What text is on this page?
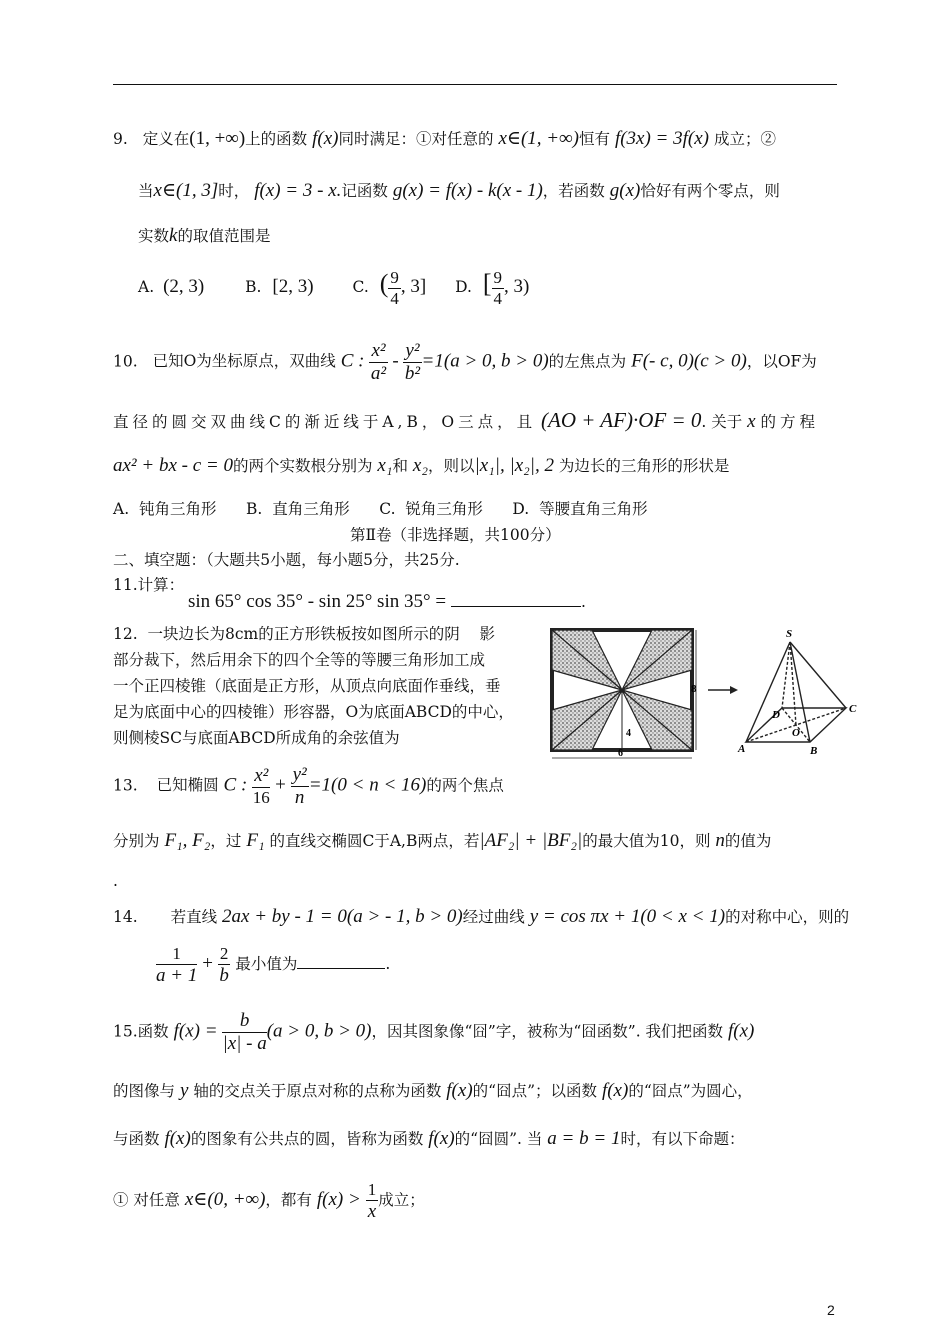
9. 定义在(1, +∞)上的函数 f(x)同时满足：①对任意的 x∈(1, +∞)恒有 f(3x) = 3f(x) 成立；②
当x∈(1, 3]时， f(x) = 3 - x.记函数 g(x) = f(x) - k(x - 1)，若函数 g(x)恰好有两个零点，则
实数k的取值范围是
A. (2, 3)	B. [2, 3)	C. ( $\frac{9}{4}$ , 3] D. [ $\frac{9}{4}$ , 3)
10. 已知O为坐标原点，双曲线 C : $\frac{\text{x²}}{\text{a²}} - \frac{\text{y²}}{\text{b²}} =1(a > 0$, b > 0)的左焦点为 F(- c, 0)(c > 0)，以OF为
直径的圆交双曲线C的渐近线于A,B，O三点，且 (AO + AF)·OF = 0. 关于 x 的方程
ax² + bx - c = 0的两个实数根分别为 x₁和 x₂，则以|x₁|, |x₂|, 2 为边长的三角形的形状是
A.  钝角三角形      B.  直角三角形      C.  锐角三角形      D.  等腰直角三角形
第Ⅱ卷（非选择题，共100分）
二、填空题：（大题共5小题，每小题5分，共25分.
11.计算：
sin 65° cos 35° - sin 25° sin 35° =	.
12.  一块边长为8cm的正方形铁板按如图所示的阴    影
部分裁下，然后用余下的四个全等的等腰三角形加工成
一个正四棱锥（底面是正方形，从顶点向底面作垂线，垂
足为底面中心的四棱锥）形容器，O为底面ABCD的中心，
则侧棱SC与底面ABCD所成角的余弦值为
8
6
4
S
A	B
C
D
O
13. 已知椭圆 C : $\frac{\text{x²}}{16} + \frac{\text{y²}}{n} =1(0 < n < 16)$的两个焦点
分别为 F₁, F₂，过 F₁ 的直线交椭圆C于A,B两点，若|AF₂| + |BF₂|的最大值为10，则 n的值为
.
14. 若直线 2ax + by - 1 = 0(a > - 1, b > 0)经过曲线 y = cos πx + 1(0 < x < 1)的对称中心，则的
$\frac{1}{a + 1} + \frac{2}{b}$ 最小值为	.
15.函数 $f(x) = \frac{b}{|x| - a} (a > 0$, b > 0)，因其图象像“囧”字，被称为“囧函数”. 我们把函数 f(x)
的图像与 y 轴的交点关于原点对称的点称为函数 f(x)的“囧点”；以函数 f(x)的“囧点”为圆心，
与函数 f(x)的图象有公共点的圆，皆称为函数 f(x)的“囧圆”. 当 a = b = 1时，有以下命题：
① 对任意 x∈(0, +∞)，都有 $f(x) > \frac{1}{x}$ 成立；
2
